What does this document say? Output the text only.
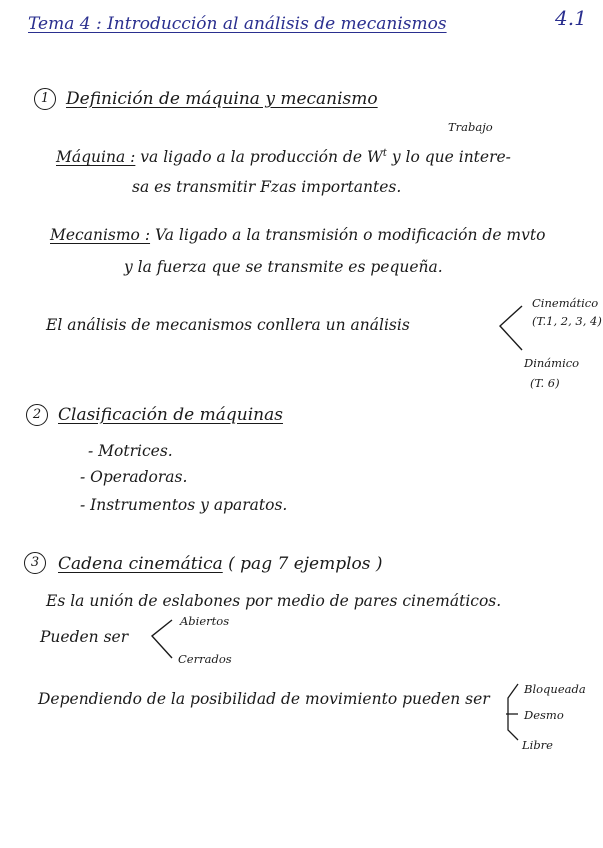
Tema 4 : Introducción al análisis de mecanismos	4.1
1 Definición de máquina y mecanismo
Trabajo
Máquina : va ligado a la producción de $W^t$ y lo que intere-
sa es transmitir Fzas importantes.
Mecanismo : Va ligado a la transmisión o modificación de mvto
y la fuerza que se transmite es pequeña.
El análisis de mecanismos conllera un análisis
Cinemático
(T.1, 2, 3, 4)
Dinámico
(T. 6)
2 Clasificación de máquinas
- Motrices.
- Operadoras.
- Instrumentos y aparatos.
3	Cadena cinemática ( pag 7 ejemplos )
Es la unión de eslabones por medio de pares cinemáticos.
Pueden ser
Abiertos
Cerrados
Dependiendo de la posibilidad de movimiento pueden ser
Bloqueada
Desmo
Libre
